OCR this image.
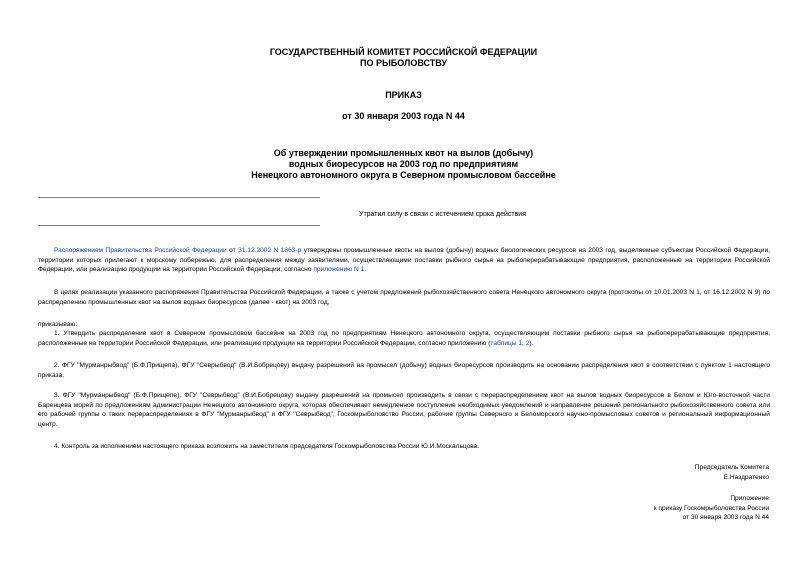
ГОСУДАРСТВЕННЫЙ КОМИТЕТ РОССИЙСКОЙ ФЕДЕРАЦИИ
ПО РЫБОЛОВСТВУ
ПРИКАЗ
от 30 января 2003 года N 44
Об утверждении промышленных квот на вылов (добычу)
водных биоресурсов на 2003 год по предприятиям
Ненецкого автономного округа в Северном промысловом бассейне
Утратил силу в связи с истечением срока действия

Распоряжением Правительства Российской Федерации от 31.12.2002 N 1863-р утверждены промышленные квоты на вылов (добычу) водных биологических ресурсов на 2003 год, выделяемые субъектам Российской Федерации, территории которых прилегают к морскому побережью, для распределения между заявителями, осуществляющими поставки рыбного сырья на рыбоперерабатывающие предприятия, расположенные на территории Российской Федерации, или реализацию продукции на территории Российской Федерации, согласно приложению N 1.

В целях реализации указанного распоряжения Правительства Российской Федерации, а также с учетом предложений рыбохозяйственного совета Ненецкого автономного округа (протоколы от 10.01.2003 N 1, от 16.12.2002 N 9) по распределению промышленных квот на вылов водных биоресурсов (далее - квот) на 2003 год,

приказываю:

1. Утвердить распределение квот в Северном промысловом бассейне на 2003 год по предприятиям Ненецкого автономного округа, осуществляющим поставки рыбного сырья на рыбоперерабатывающие предприятия, расположенные на территории Российской Федерации, или реализацию продукции на территории Российской Федерации, согласно приложению (таблицы 1, 2).

2. ФГУ "Мурманрыбвод" (Б.Ф.Прищепа), ФГУ "Севрыбвод" (В.И.Бобрецову) выдачу разрешений на промысел (добычу) водных биоресурсов производить на основании распределения квот в соответствии с пунктом 1 настоящего приказа.

3. ФГУ "Мурманрыбвод" (Б.Ф.Прищепе), ФГУ "Севрыбвод" (В.И.Бобрецову) выдачу разрешений на промысел производить в связи с перераспределением квот на вылов водных биоресурсов в Белом и Юго-восточной части Баренцева морей по предложениям администрации Ненецкого автономного округа, которая обеспечивает немедленное поступление необходимых уведомлений и направление решений регионального рыбохозяйственного совета или его рабочей группы о таких перераспределениях в ФГУ "Мурманрыбвод" и ФГУ "Севрыбвод", Госкомрыболовство России, рабочие группы Северного и Беломорского научно-промысловых советов и региональный информационный центр.

4. Контроль за исполнением настоящего приказа возложить на заместителя председателя Госкомрыболовства России Ю.И.Москальцова.

Председатель Комитета
Е.Наздратенко
Приложение
к приказу Госкомрыболовства России
от 30 января 2003 года N 44
